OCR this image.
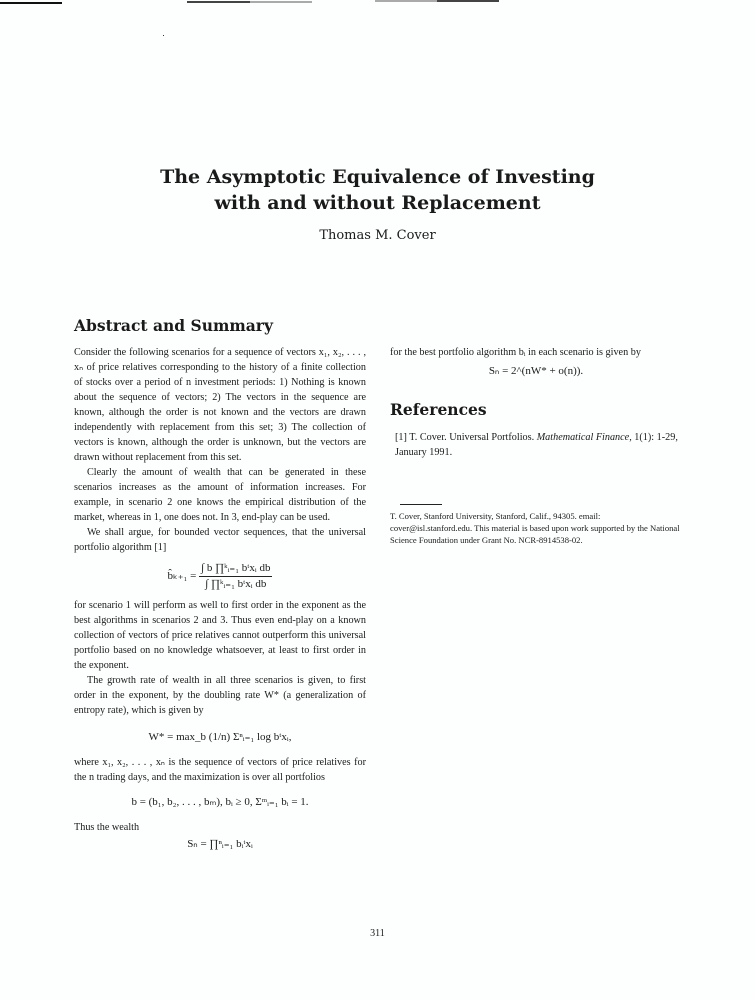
The Asymptotic Equivalence of Investing
with and without Replacement
Thomas M. Cover
Abstract and Summary

Consider the following scenarios for a sequence of vectors x₁, x₂, . . . , xₙ of price relatives corresponding to the history of a finite collection of stocks over a period of n investment periods: 1) Nothing is known about the sequence of vectors; 2) The vectors in the sequence are known, although the order is not known and the vectors are drawn independently with replacement from this set; 3) The collection of vectors is known, although the order is unknown, but the vectors are drawn without replacement from this set.

Clearly the amount of wealth that can be generated in these scenarios increases as the amount of information increases. For example, in scenario 2 one knows the empirical distribution of the market, whereas in 1, one does not. In 3, end-play can be used.

We shall argue, for bounded vector sequences, that the universal portfolio algorithm [1]

b̂ₖ₊₁ = $\frac{\text{∫ b ∏ᵏᵢ₌₁ bᵗxᵢ db}}{\text{∫ ∏ᵏᵢ₌₁ bᵗxᵢ db}}$

for scenario 1 will perform as well to first order in the exponent as the best algorithms in scenarios 2 and 3. Thus even end-play on a known collection of vectors of price relatives cannot outperform this universal portfolio based on no knowledge whatsoever, at least to first order in the exponent.

The growth rate of wealth in all three scenarios is given, to first order in the exponent, by the doubling rate W* (a generalization of entropy rate), which is given by

W* = max_b (1/n) Σⁿᵢ₌₁ log bᵗxᵢ,

where x₁, x₂, . . . , xₙ is the sequence of vectors of price relatives for the n trading days, and the maximization is over all portfolios

b = (b₁, b₂, . . . , bₘ), bᵢ ≥ 0, Σᵐᵢ₌₁ bᵢ = 1.

Thus the wealth

Sₙ = ∏ⁿᵢ₌₁ bᵢᵗxᵢ

for the best portfolio algorithm bᵢ in each scenario is given by

Sₙ = 2^(nW* + o(n)).
References
[1] T. Cover. Universal Portfolios. Mathematical Finance, 1(1): 1-29, January 1991.
T. Cover, Stanford University, Stanford, Calif., 94305. email: cover@isl.stanford.edu. This material is based upon work supported by the National Science Foundation under Grant No. NCR-8914538-02.
311
